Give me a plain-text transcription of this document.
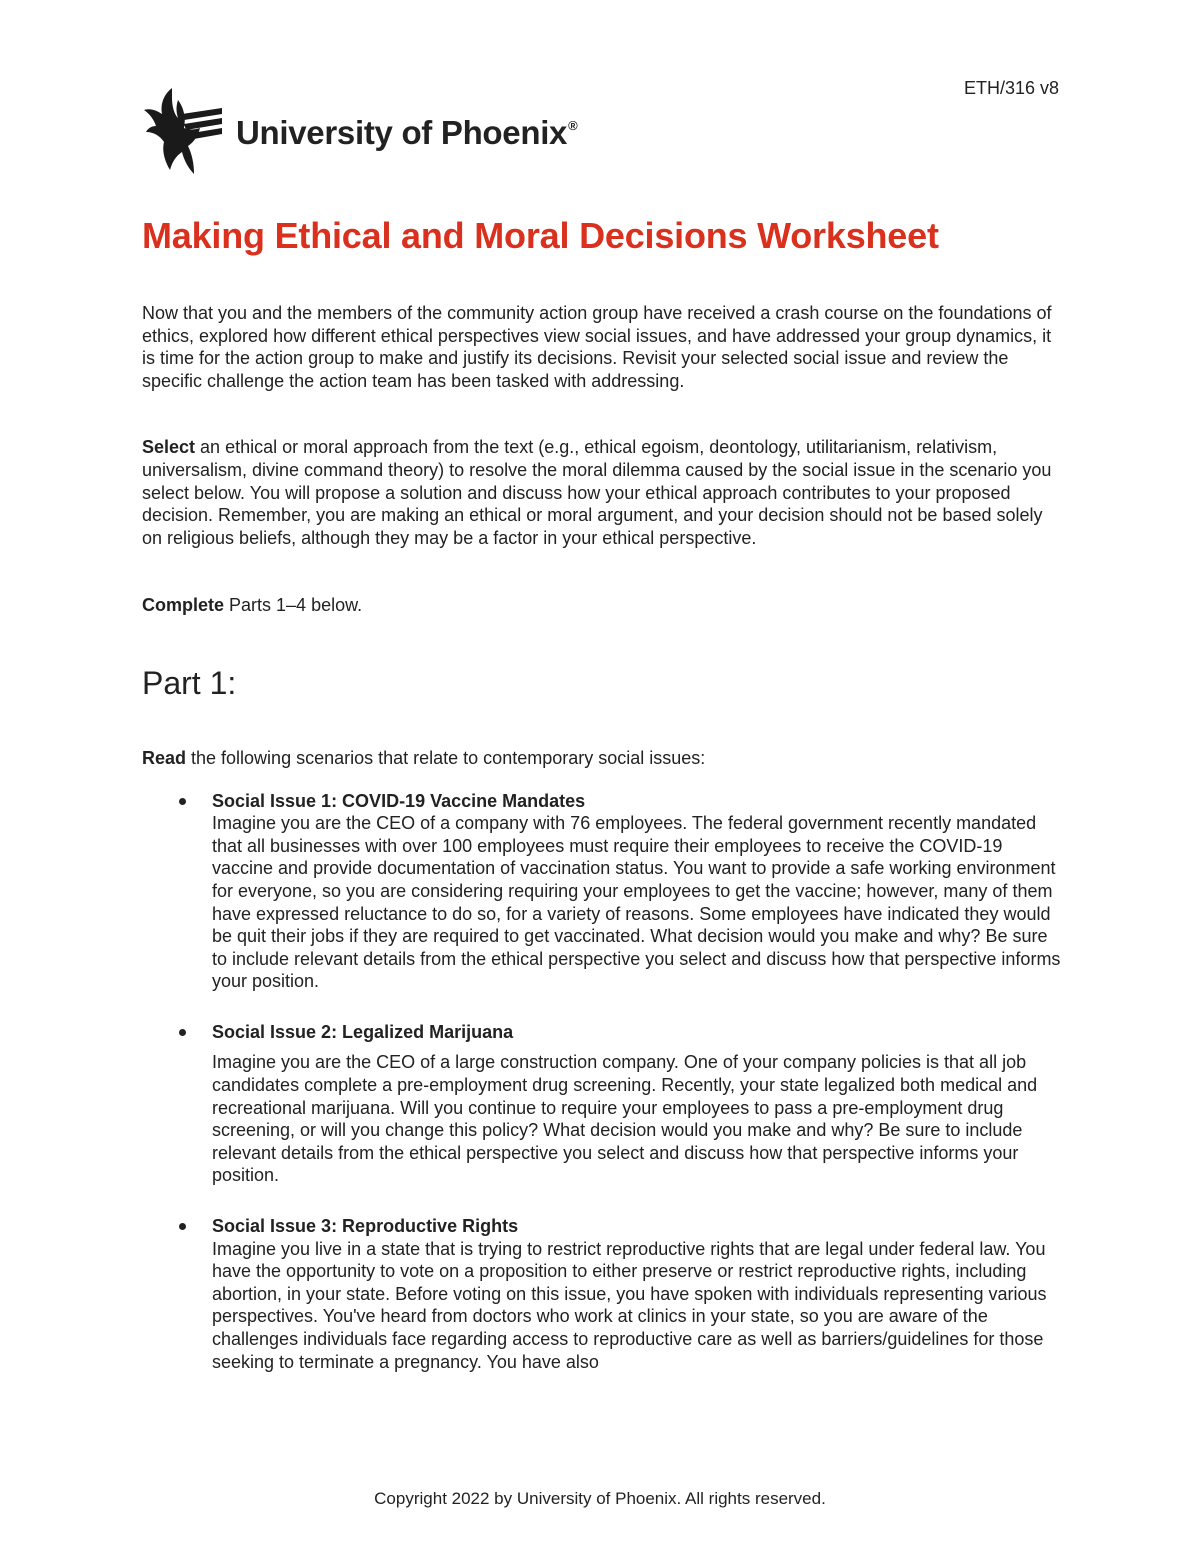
ETH/316 v8
University of Phoenix®
Making Ethical and Moral Decisions Worksheet

Now that you and the members of the community action group have received a crash course on the foundations of ethics, explored how different ethical perspectives view social issues, and have addressed your group dynamics, it is time for the action group to make and justify its decisions. Revisit your selected social issue and review the specific challenge the action team has been tasked with addressing.

Select an ethical or moral approach from the text (e.g., ethical egoism, deontology, utilitarianism, relativism, universalism, divine command theory) to resolve the moral dilemma caused by the social issue in the scenario you select below. You will propose a solution and discuss how your ethical approach contributes to your proposed decision. Remember, you are making an ethical or moral argument, and your decision should not be based solely on religious beliefs, although they may be a factor in your ethical perspective.

Complete Parts 1–4 below.

Part 1:

Read the following scenarios that relate to contemporary social issues:

Social Issue 1: COVID-19 Vaccine Mandates
Imagine you are the CEO of a company with 76 employees. The federal government recently mandated that all businesses with over 100 employees must require their employees to receive the COVID-19 vaccine and provide documentation of vaccination status. You want to provide a safe working environment for everyone, so you are considering requiring your employees to get the vaccine; however, many of them have expressed reluctance to do so, for a variety of reasons. Some employees have indicated they would be quit their jobs if they are required to get vaccinated. What decision would you make and why? Be sure to include relevant details from the ethical perspective you select and discuss how that perspective informs your position.
Social Issue 2: Legalized Marijuana
Imagine you are the CEO of a large construction company. One of your company policies is that all job candidates complete a pre-employment drug screening. Recently, your state legalized both medical and recreational marijuana. Will you continue to require your employees to pass a pre-employment drug screening, or will you change this policy? What decision would you make and why? Be sure to include relevant details from the ethical perspective you select and discuss how that perspective informs your position.
Social Issue 3: Reproductive Rights
Imagine you live in a state that is trying to restrict reproductive rights that are legal under federal law. You have the opportunity to vote on a proposition to either preserve or restrict reproductive rights, including abortion, in your state. Before voting on this issue, you have spoken with individuals representing various perspectives. You've heard from doctors who work at clinics in your state, so you are aware of the challenges individuals face regarding access to reproductive care as well as barriers/guidelines for those seeking to terminate a pregnancy. You have also
Copyright 2022 by University of Phoenix. All rights reserved.
